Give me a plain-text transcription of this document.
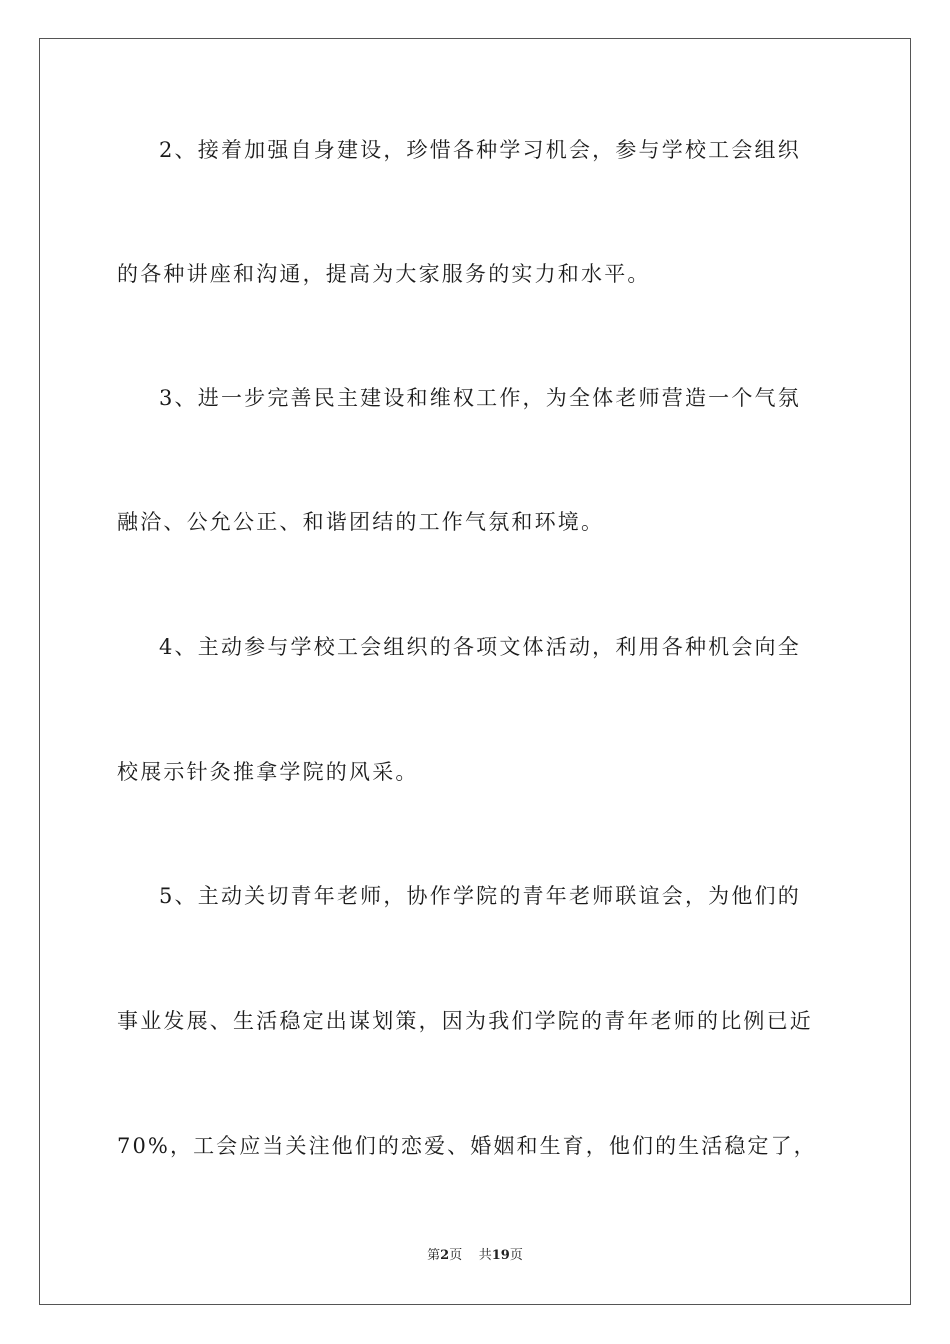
2、接着加强自身建设，珍惜各种学习机会，参与学校工会组织
的各种讲座和沟通，提高为大家服务的实力和水平。
3、进一步完善民主建设和维权工作，为全体老师营造一个气氛
融洽、公允公正、和谐团结的工作气氛和环境。
4、主动参与学校工会组织的各项文体活动，利用各种机会向全
校展示针灸推拿学院的风采。
5、主动关切青年老师，协作学院的青年老师联谊会，为他们的
事业发展、生活稳定出谋划策，因为我们学院的青年老师的比例已近
70%，工会应当关注他们的恋爱、婚姻和生育，他们的生活稳定了，
第2页 共19页
